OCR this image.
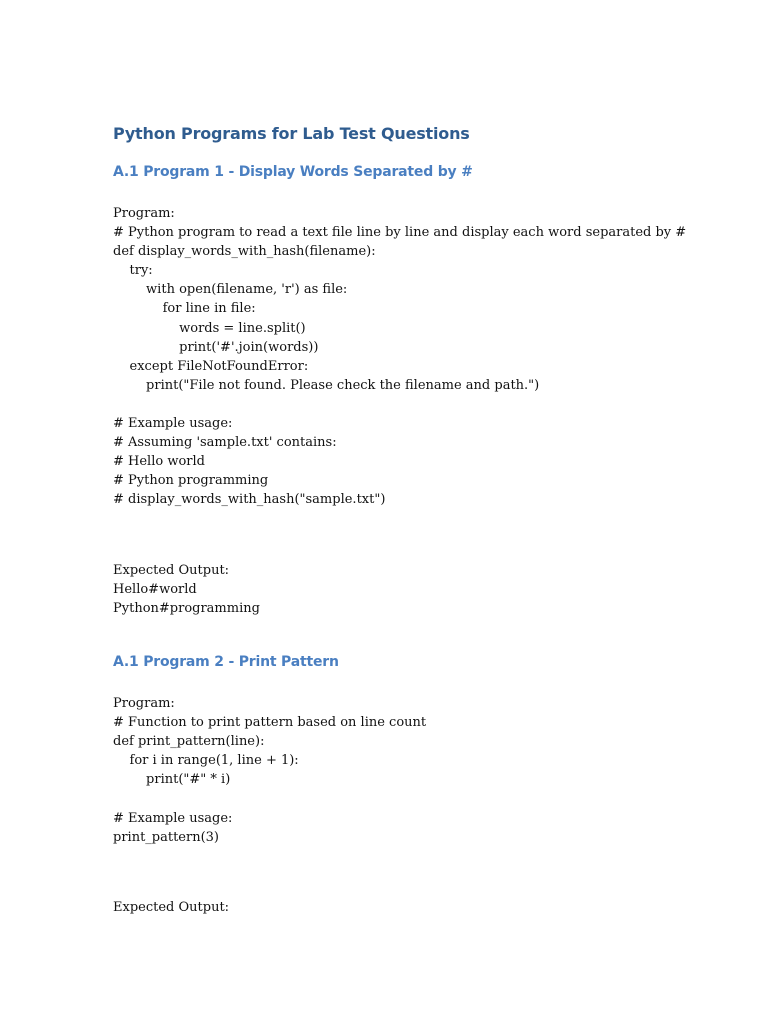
Python Programs for Lab Test Questions
A.1 Program 1 - Display Words Separated by #
Program:
# Python program to read a text file line by line and display each word separated by #
def display_words_with_hash(filename):
try:
with open(filename, 'r') as file:
for line in file:
words = line.split()
print('#'.join(words))
except FileNotFoundError:
print("File not found. Please check the filename and path.")
# Example usage:
# Assuming 'sample.txt' contains:
# Hello world
# Python programming
# display_words_with_hash("sample.txt")
Expected Output:
Hello#world
Python#programming
A.1 Program 2 - Print Pattern
Program:
# Function to print pattern based on line count
def print_pattern(line):
for i in range(1, line + 1):
print("#" * i)
# Example usage:
print_pattern(3)
Expected Output:
